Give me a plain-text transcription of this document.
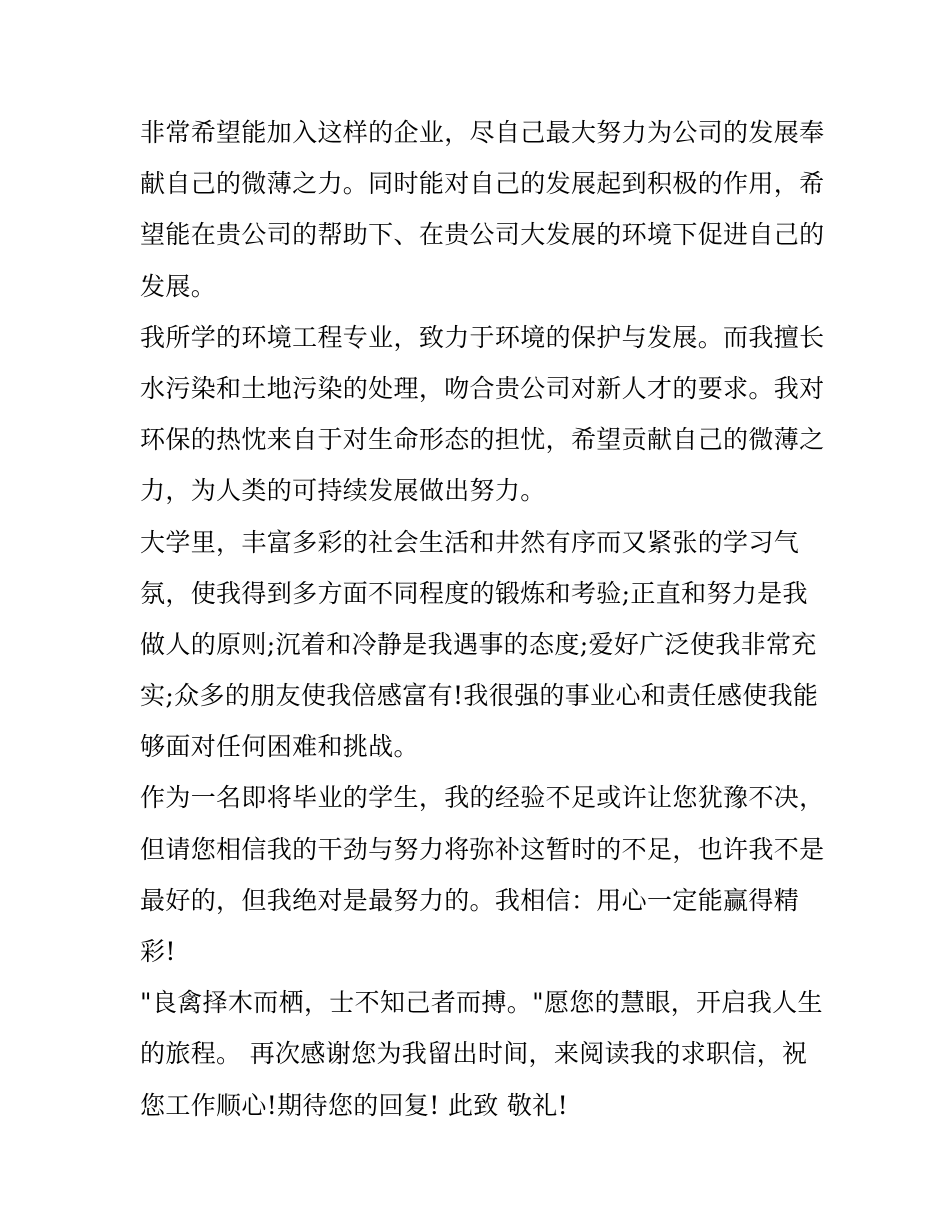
非常希望能加入这样的企业，尽自己最大努力为公司的发展奉
献自己的微薄之力。同时能对自己的发展起到积极的作用，希
望能在贵公司的帮助下、在贵公司大发展的环境下促进自己的
发展。
我所学的环境工程专业，致力于环境的保护与发展。而我擅长
水污染和土地污染的处理，吻合贵公司对新人才的要求。我对
环保的热忱来自于对生命形态的担忧，希望贡献自己的微薄之
力，为人类的可持续发展做出努力。
大学里，丰富多彩的社会生活和井然有序而又紧张的学习气
氛，使我得到多方面不同程度的锻炼和考验;正直和努力是我
做人的原则;沉着和冷静是我遇事的态度;爱好广泛使我非常充
实;众多的朋友使我倍感富有!我很强的事业心和责任感使我能
够面对任何困难和挑战。
作为一名即将毕业的学生，我的经验不足或许让您犹豫不决，
但请您相信我的干劲与努力将弥补这暂时的不足，也许我不是
最好的，但我绝对是最努力的。我相信：用心一定能赢得精
彩!
"良禽择木而栖，士不知己者而搏。"愿您的慧眼，开启我人生
的旅程。 再次感谢您为我留出时间，来阅读我的求职信，祝
您工作顺心!期待您的回复! 此致 敬礼!
